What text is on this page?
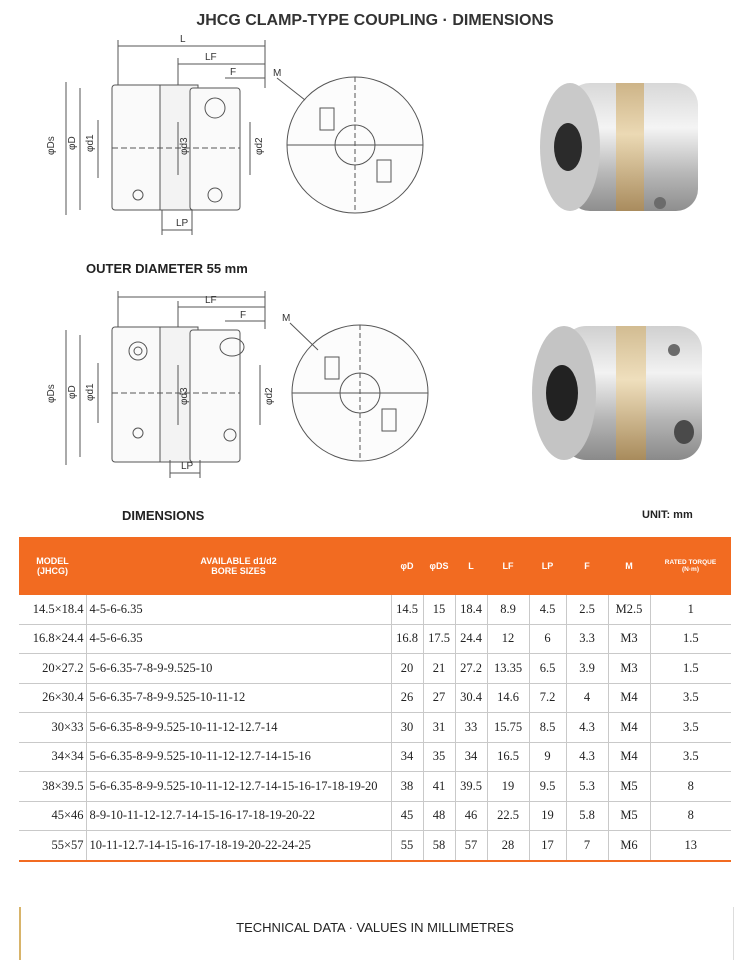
JHCG CLAMP-TYPE COUPLING · DIMENSIONS
L
LF
F
LP
φDs φD φd1	φd3	φd2
M
OUTER DIAMETER 55 mm
LF
F
LP
φDs φD φd1	φd3	φd2
M
DIMENSIONS	UNIT: mm
MODEL
(JHCG)	AVAILABLE d1/d2
BORE SIZES	φD	φDS	L	LF	LP	F	M	RATED TORQUE
(N·m)
14.5×18.4	4-5-6-6.35	14.5	15	18.4	8.9	4.5	2.5	M2.5	1
16.8×24.4	4-5-6-6.35	16.8	17.5	24.4	12	6	3.3	M3	1.5
20×27.2	5-6-6.35-7-8-9-9.525-10	20	21	27.2	13.35	6.5	3.9	M3	1.5
26×30.4	5-6-6.35-7-8-9-9.525-10-11-12	26	27	30.4	14.6	7.2	4	M4	3.5
30×33	5-6-6.35-8-9-9.525-10-11-12-12.7-14	30	31	33	15.75	8.5	4.3	M4	3.5
34×34	5-6-6.35-8-9-9.525-10-11-12-12.7-14-15-16	34	35	34	16.5	9	4.3	M4	3.5
38×39.5	5-6-6.35-8-9-9.525-10-11-12-12.7-14-15-16-17-18-19-20	38	41	39.5	19	9.5	5.3	M5	8
45×46	8-9-10-11-12-12.7-14-15-16-17-18-19-20-22	45	48	46	22.5	19	5.8	M5	8
55×57	10-11-12.7-14-15-16-17-18-19-20-22-24-25	55	58	57	28	17	7	M6	13
TECHNICAL DATA · VALUES IN MILLIMETRES
